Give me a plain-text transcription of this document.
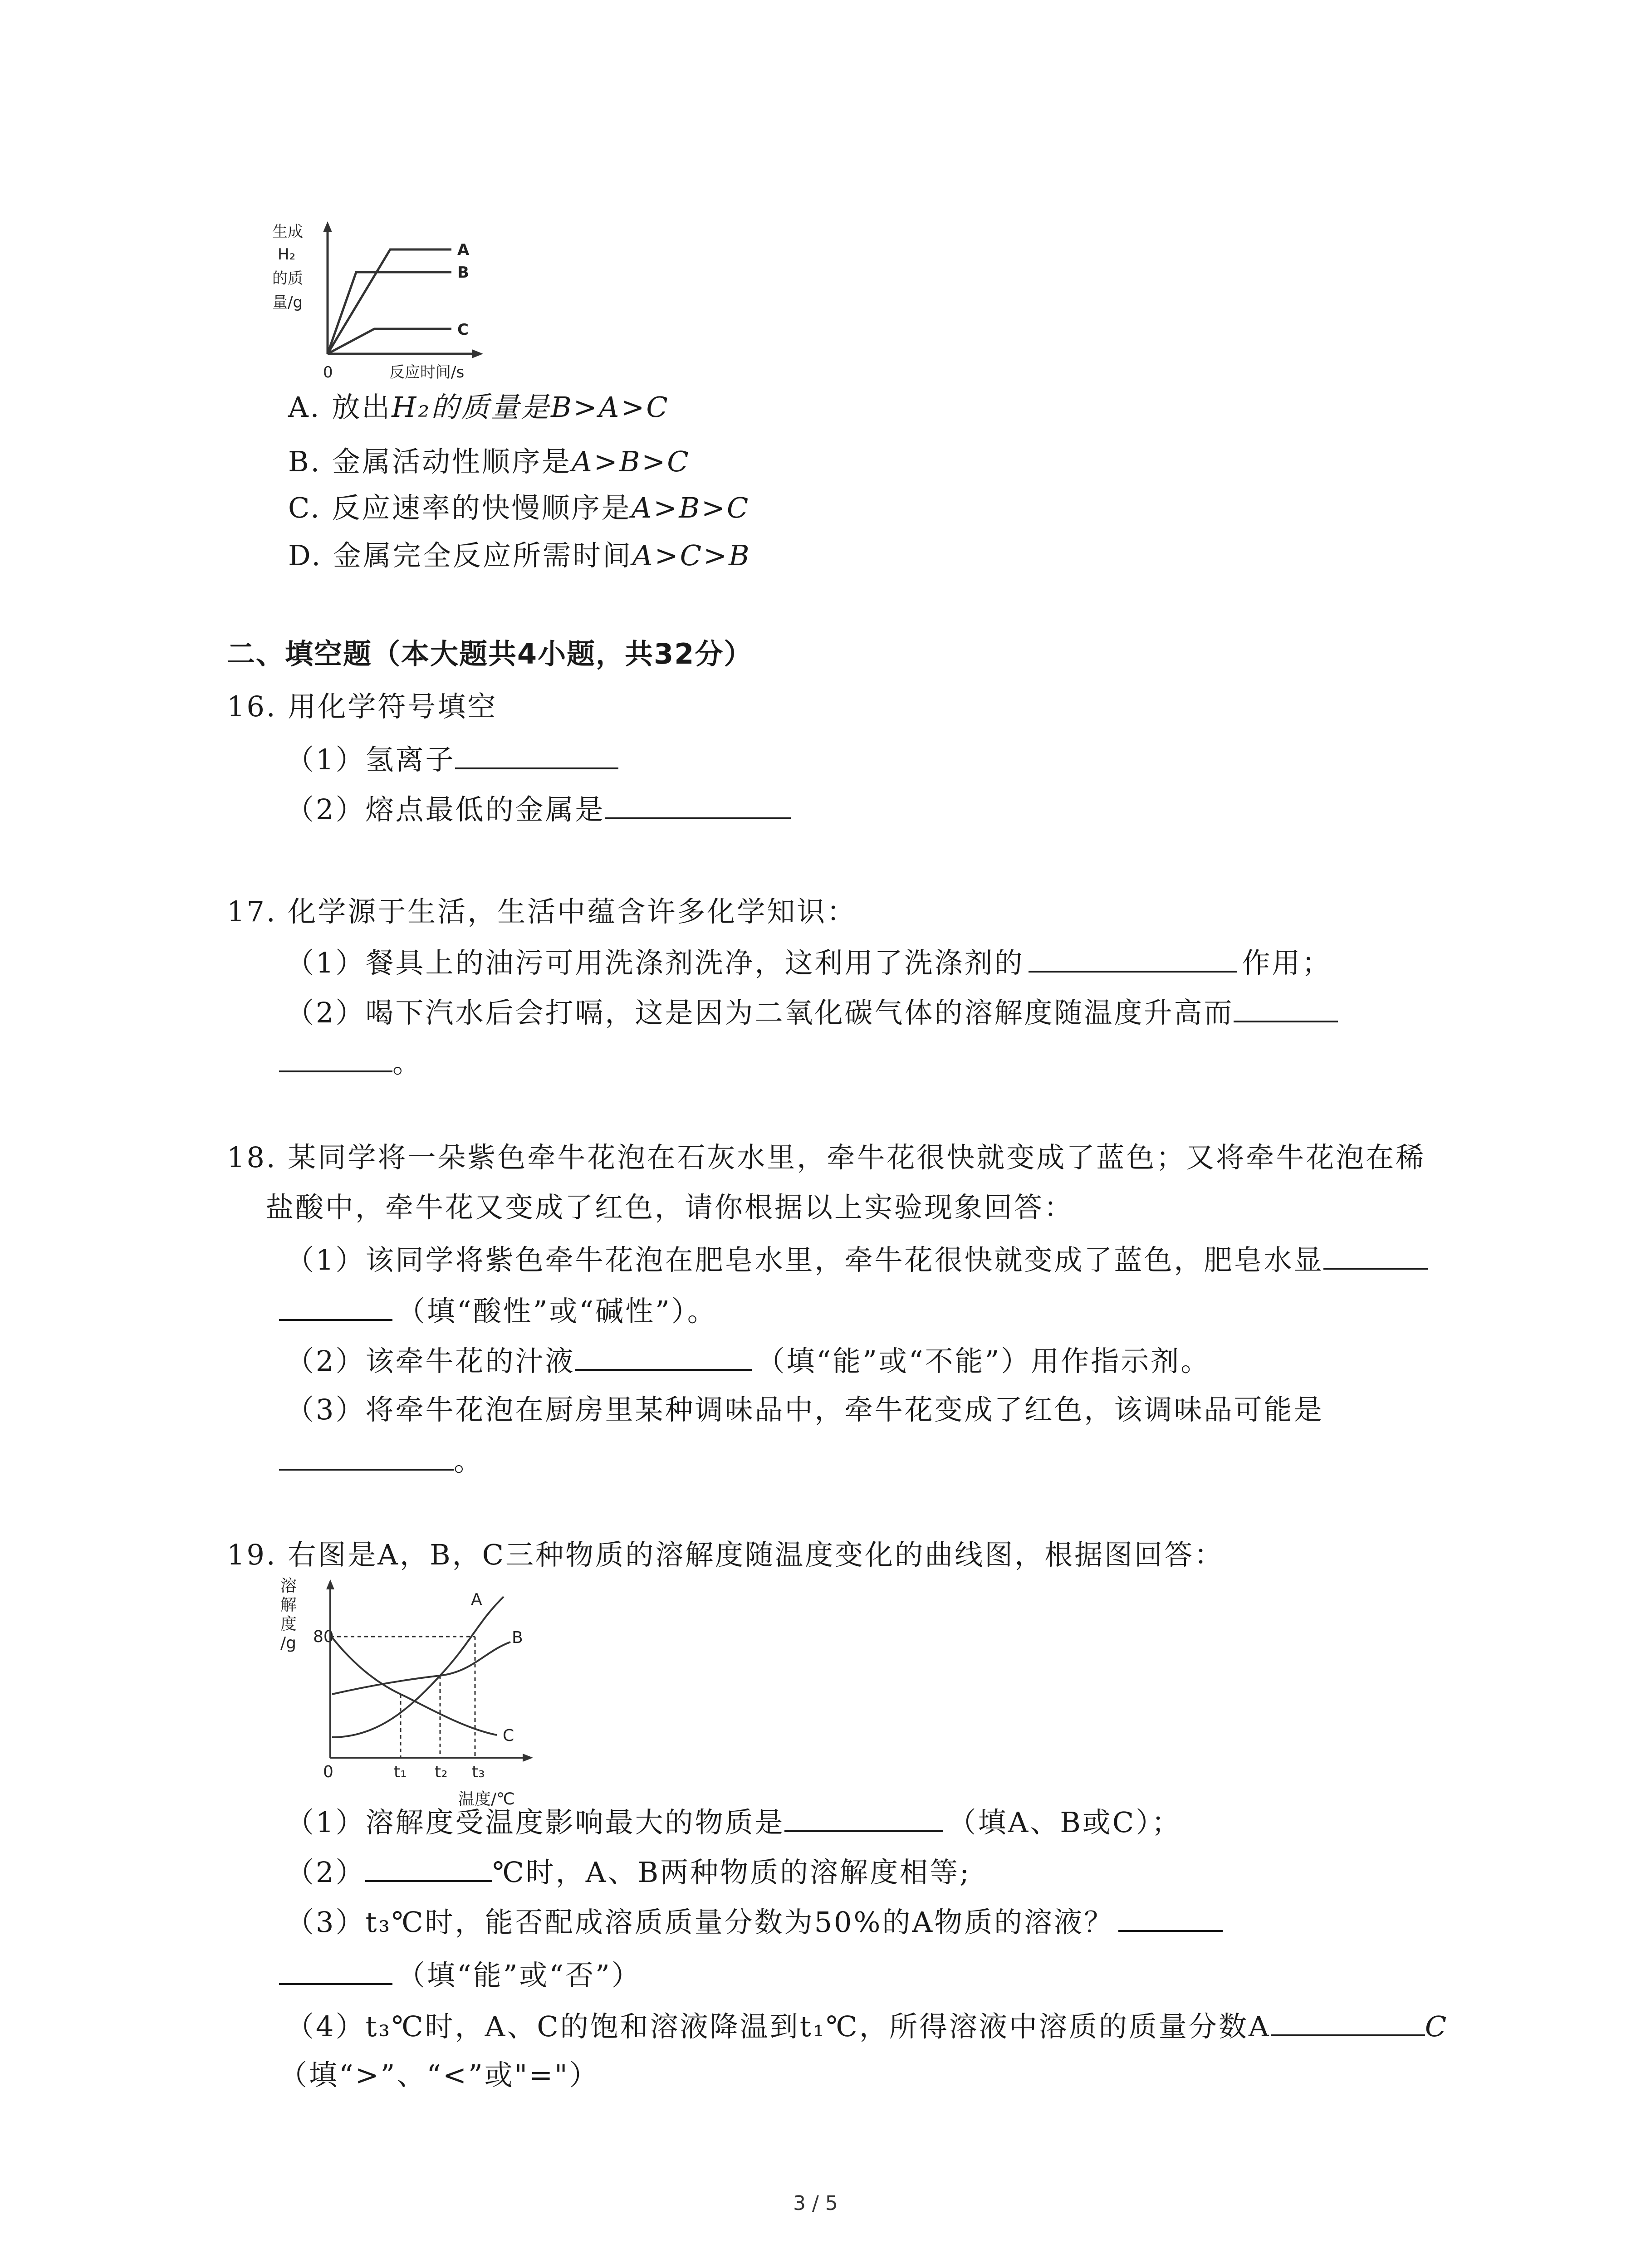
生成
H₂
的质
量/g
0	反应时间/s
A
B
C
A. 放出H₂的质量是B>A>C
B. 金属活动性顺序是A>B>C
C. 反应速率的快慢顺序是A>B>C
D. 金属完全反应所需时间A>C>B
二、填空题（本大题共4小题，共32分）
16. 用化学符号填空
（1）氢离子
（2）熔点最低的金属是
17. 化学源于生活，生活中蕴含许多化学知识：
（1）餐具上的油污可用洗涤剂洗净，这利用了洗涤剂的	作用；
（2）喝下汽水后会打嗝，这是因为二氧化碳气体的溶解度随温度升高而
。
18. 某同学将一朵紫色牵牛花泡在石灰水里，牵牛花很快就变成了蓝色；又将牵牛花泡在稀
盐酸中，牵牛花又变成了红色，请你根据以上实验现象回答：
（1）该同学将紫色牵牛花泡在肥皂水里，牵牛花很快就变成了蓝色，肥皂水显
（填“酸性”或“碱性”）。
（2）该牵牛花的汁液	（填“能”或“不能”）用作指示剂。
（3）将牵牛花泡在厨房里某种调味品中，牵牛花变成了红色，该调味品可能是
。
19. 右图是A，B，C三种物质的溶解度随温度变化的曲线图，根据图回答：
溶
解
度
/g 80
0	t₁ t₂ t₃
温度/℃
A
B
C
（1）溶解度受温度影响最大的物质是	（填A、B或C）；
（2）	℃时，A、B两种物质的溶解度相等;
（3）t₃℃时，能否配成溶质质量分数为50%的A物质的溶液？
（填“能”或“否”）
（4）t₃℃时，A、C的饱和溶液降温到t₁℃，所得溶液中溶质的质量分数A	C
（填“>”、“<”或"="）
3 / 5
